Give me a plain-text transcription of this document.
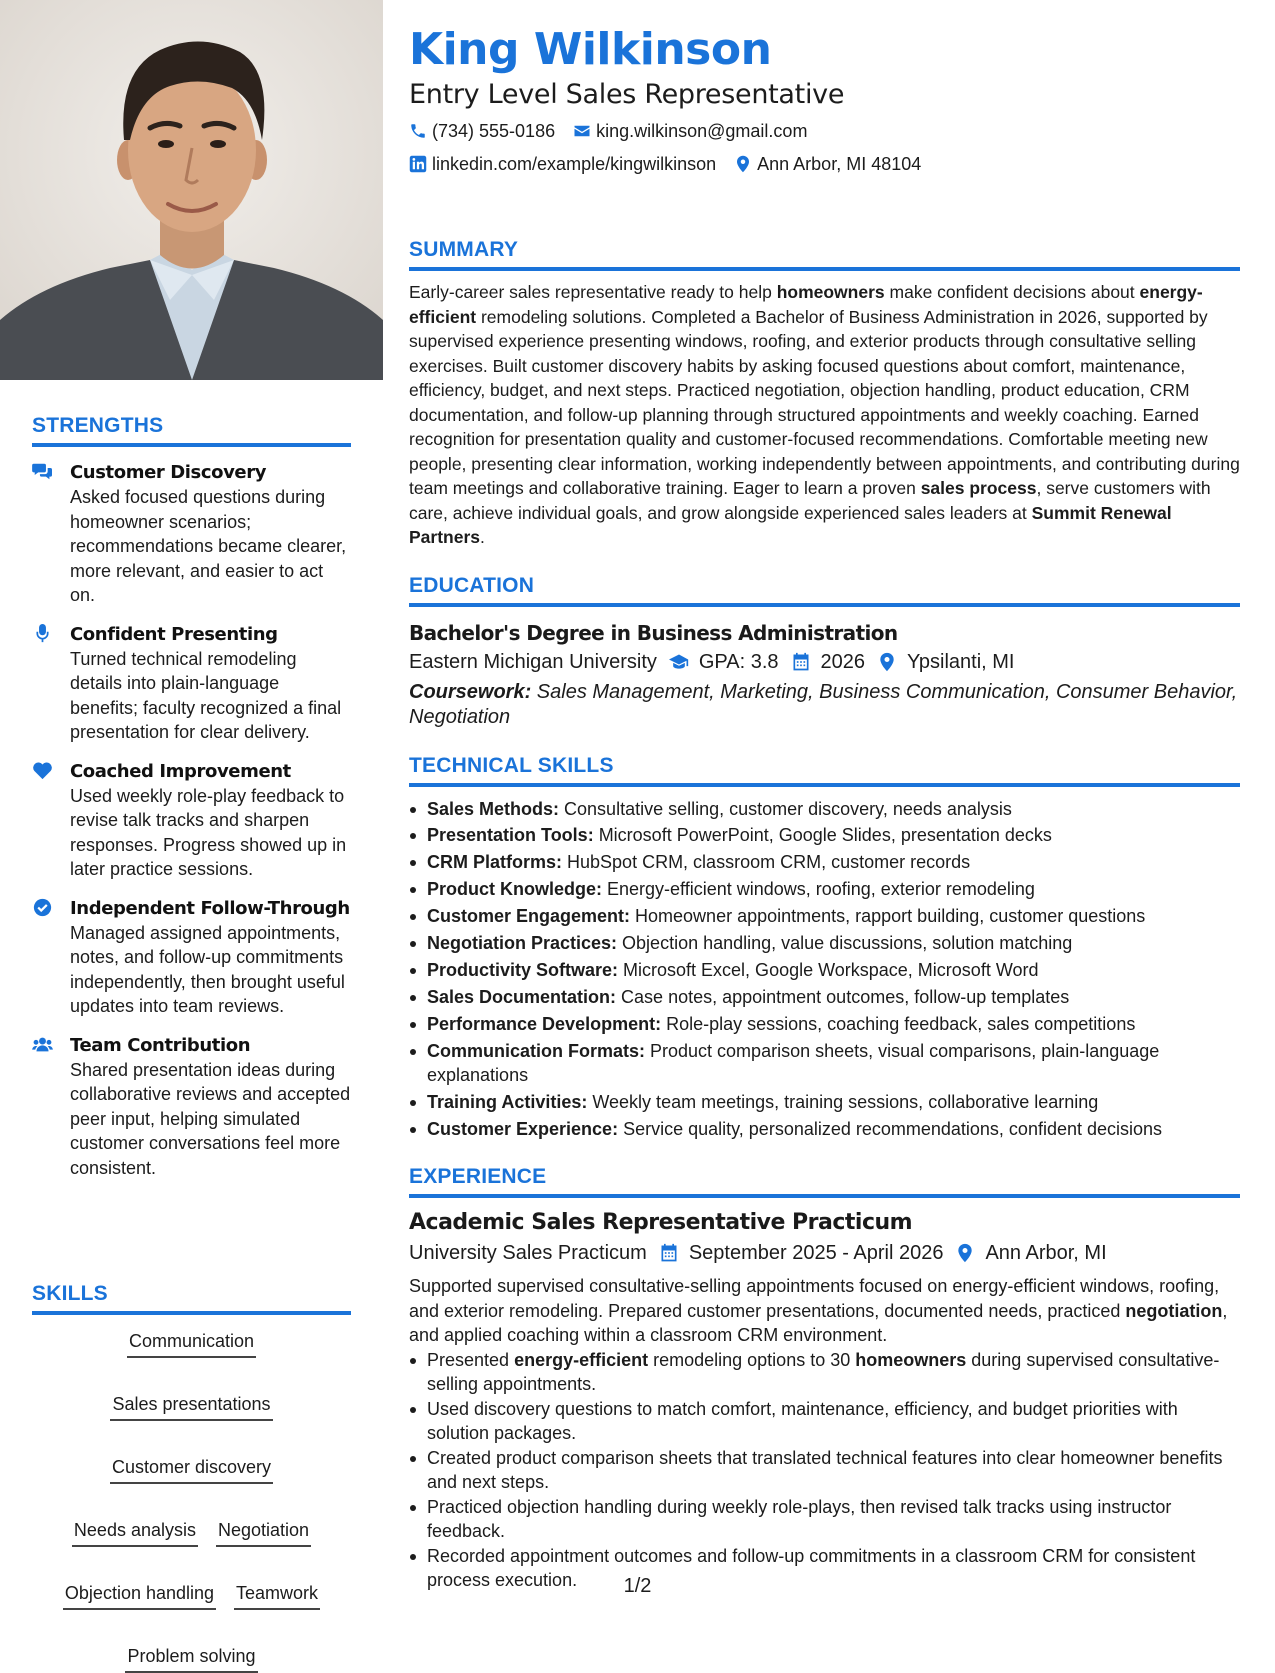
STRENGTHS
Customer Discovery
Asked focused questions during homeowner scenarios; recommendations became clearer, more relevant, and easier to act on.
Confident Presenting
Turned technical remodeling details into plain-language benefits; faculty recognized a final presentation for clear delivery.
Coached Improvement
Used weekly role-play feedback to revise talk tracks and sharpen responses. Progress showed up in later practice sessions.
Independent Follow-Through
Managed assigned appointments, notes, and follow-up commitments independently, then brought useful updates into team reviews.
Team Contribution
Shared presentation ideas during collaborative reviews and accepted peer input, helping simulated customer conversations feel more consistent.
SKILLS
Communication
Sales presentations
Customer discovery
Needs analysis Negotiation
Objection handling Teamwork
Problem solving
King Wilkinson
Entry Level Sales Representative
(734) 555-0186 king.wilkinson@gmail.com
linkedin.com/example/kingwilkinson Ann Arbor, MI 48104
SUMMARY

Early-career sales representative ready to help homeowners make confident decisions about energy-efficient remodeling solutions. Completed a Bachelor of Business Administration in 2026, supported by supervised experience presenting windows, roofing, and exterior products through consultative selling exercises. Built customer discovery habits by asking focused questions about comfort, maintenance, efficiency, budget, and next steps. Practiced negotiation, objection handling, product education, CRM documentation, and follow-up planning through structured appointments and weekly coaching. Earned recognition for presentation quality and customer-focused recommendations. Comfortable meeting new people, presenting clear information, working independently between appointments, and contributing during team meetings and collaborative training. Eager to learn a proven sales process, serve customers with care, achieve individual goals, and grow alongside experienced sales leaders at Summit Renewal Partners.

EDUCATION
Bachelor's Degree in Business Administration
Eastern Michigan University GPA: 3.8 2026 Ypsilanti, MI
Coursework: Sales Management, Marketing, Business Communication, Consumer Behavior, Negotiation
TECHNICAL SKILLS
Sales Methods: Consultative selling, customer discovery, needs analysis
Presentation Tools: Microsoft PowerPoint, Google Slides, presentation decks
CRM Platforms: HubSpot CRM, classroom CRM, customer records
Product Knowledge: Energy-efficient windows, roofing, exterior remodeling
Customer Engagement: Homeowner appointments, rapport building, customer questions
Negotiation Practices: Objection handling, value discussions, solution matching
Productivity Software: Microsoft Excel, Google Workspace, Microsoft Word
Sales Documentation: Case notes, appointment outcomes, follow-up templates
Performance Development: Role-play sessions, coaching feedback, sales competitions
Communication Formats: Product comparison sheets, visual comparisons, plain-language explanations
Training Activities: Weekly team meetings, training sessions, collaborative learning
Customer Experience: Service quality, personalized recommendations, confident decisions
EXPERIENCE
Academic Sales Representative Practicum
University Sales Practicum September 2025 - April 2026 Ann Arbor, MI

Supported supervised consultative-selling appointments focused on energy-efficient windows, roofing, and exterior remodeling. Prepared customer presentations, documented needs, practiced negotiation, and applied coaching within a classroom CRM environment.

Presented energy-efficient remodeling options to 30 homeowners during supervised consultative-selling appointments.
Used discovery questions to match comfort, maintenance, efficiency, and budget priorities with solution packages.
Created product comparison sheets that translated technical features into clear homeowner benefits and next steps.
Practiced objection handling during weekly role-plays, then revised talk tracks using instructor feedback.
Recorded appointment outcomes and follow-up commitments in a classroom CRM for consistent process execution.	1/2
